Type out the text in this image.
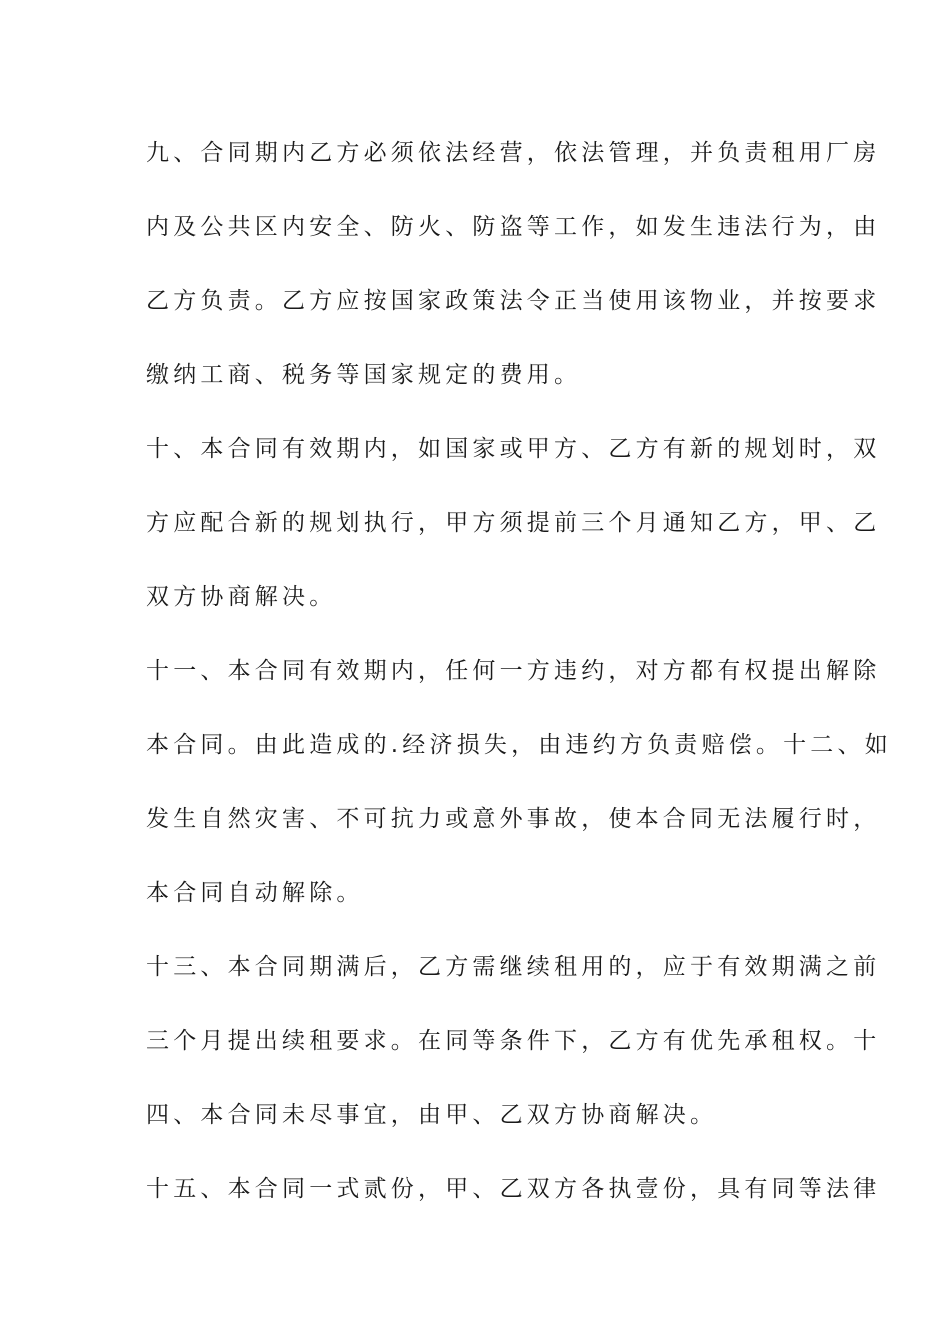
九、合同期内乙方必须依法经营，依法管理，并负责租用厂房
内及公共区内安全、防火、防盗等工作，如发生违法行为，由
乙方负责。乙方应按国家政策法令正当使用该物业，并按要求
缴纳工商、税务等国家规定的费用。
十、本合同有效期内，如国家或甲方、乙方有新的规划时，双
方应配合新的规划执行，甲方须提前三个月通知乙方，甲、乙
双方协商解决。
十一、本合同有效期内，任何一方违约，对方都有权提出解除
本合同。由此造成的.经济损失，由违约方负责赔偿。十二、如
发生自然灾害、不可抗力或意外事故，使本合同无法履行时，
本合同自动解除。
十三、本合同期满后，乙方需继续租用的，应于有效期满之前
三个月提出续租要求。在同等条件下，乙方有优先承租权。十
四、本合同未尽事宜，由甲、乙双方协商解决。
十五、本合同一式贰份，甲、乙双方各执壹份，具有同等法律
